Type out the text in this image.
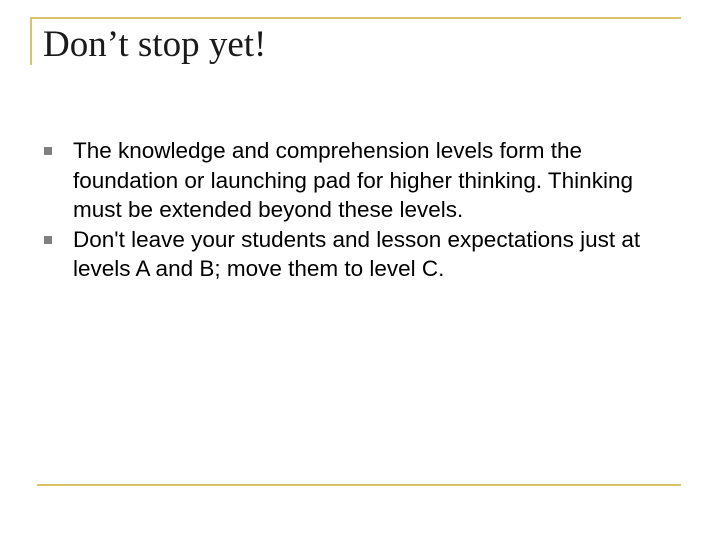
Don’t stop yet!
The knowledge and comprehension levels form the foundation or launching pad for higher thinking. Thinking must be extended beyond these levels.
Don't leave your students and lesson expectations just at levels A and B; move them to level C.
